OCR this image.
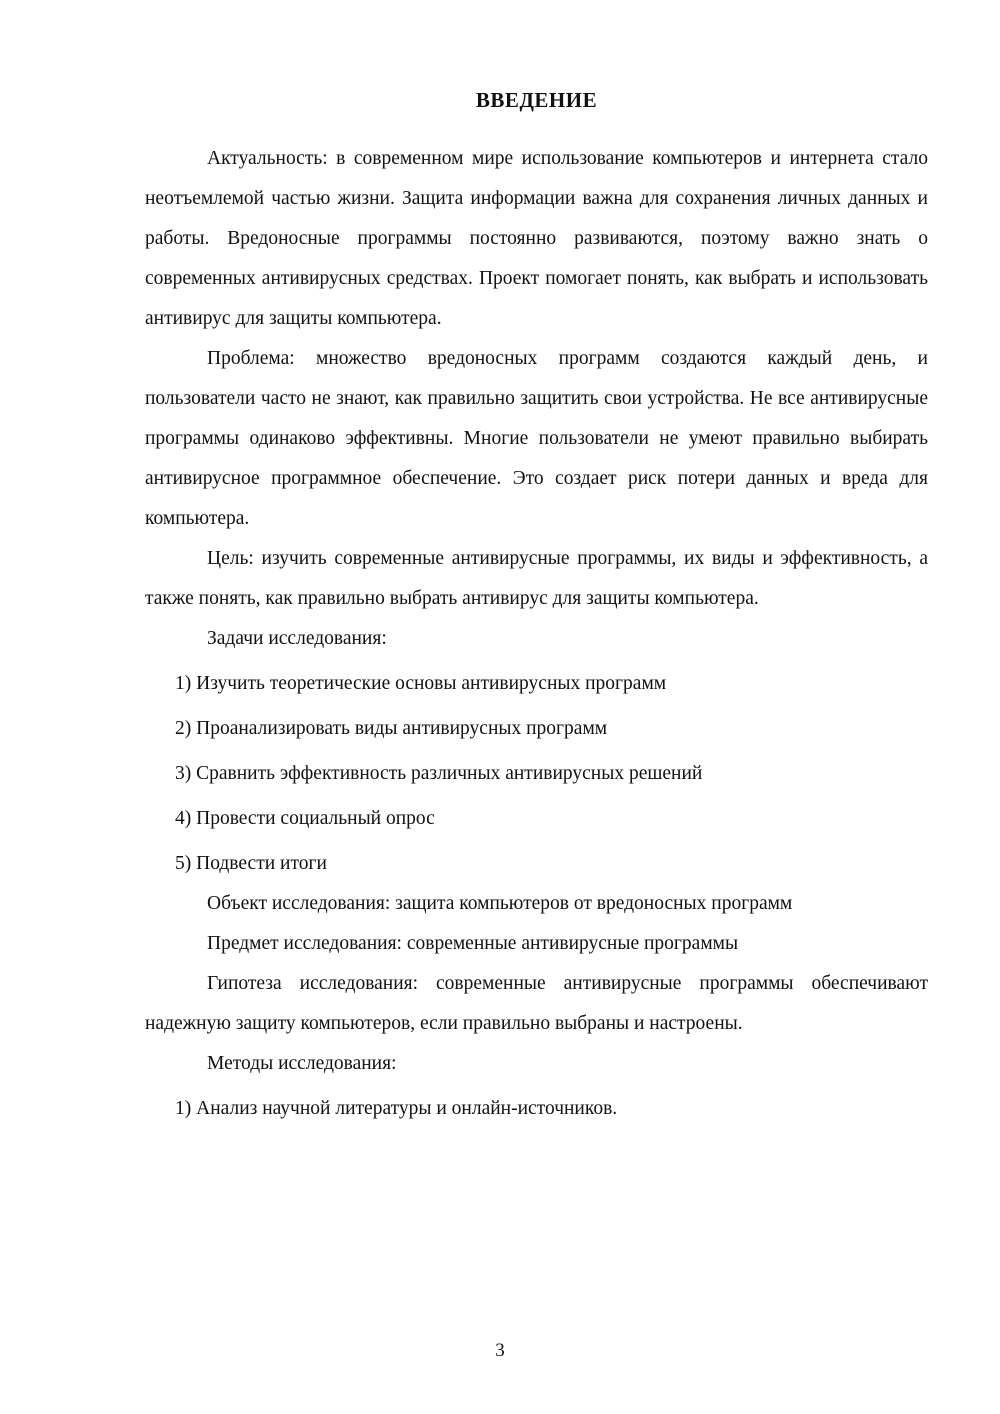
ВВЕДЕНИЕ

Актуальность: в современном мире использование компьютеров и интернета стало неотъемлемой частью жизни. Защита информации важна для сохранения личных данных и работы. Вредоносные программы постоянно развиваются, поэтому важно знать о современных антивирусных средствах. Проект помогает понять, как выбрать и использовать антивирус для защиты компьютера.

Проблема: множество вредоносных программ создаются каждый день, и пользователи часто не знают, как правильно защитить свои устройства. Не все антивирусные программы одинаково эффективны. Многие пользователи не умеют правильно выбирать антивирусное программное обеспечение. Это создает риск потери данных и вреда для компьютера.

Цель: изучить современные антивирусные программы, их виды и эффективность, а также понять, как правильно выбрать антивирус для защиты компьютера.

Задачи исследования:

1) Изучить теоретические основы антивирусных программ

2) Проанализировать виды антивирусных программ

3) Сравнить эффективность различных антивирусных решений

4) Провести социальный опрос

5) Подвести итоги

Объект исследования: защита компьютеров от вредоносных программ

Предмет исследования: современные антивирусные программы

Гипотеза исследования: современные антивирусные программы обеспечивают надежную защиту компьютеров, если правильно выбраны и настроены.

Методы исследования:

1) Анализ научной литературы и онлайн-источников.

3
